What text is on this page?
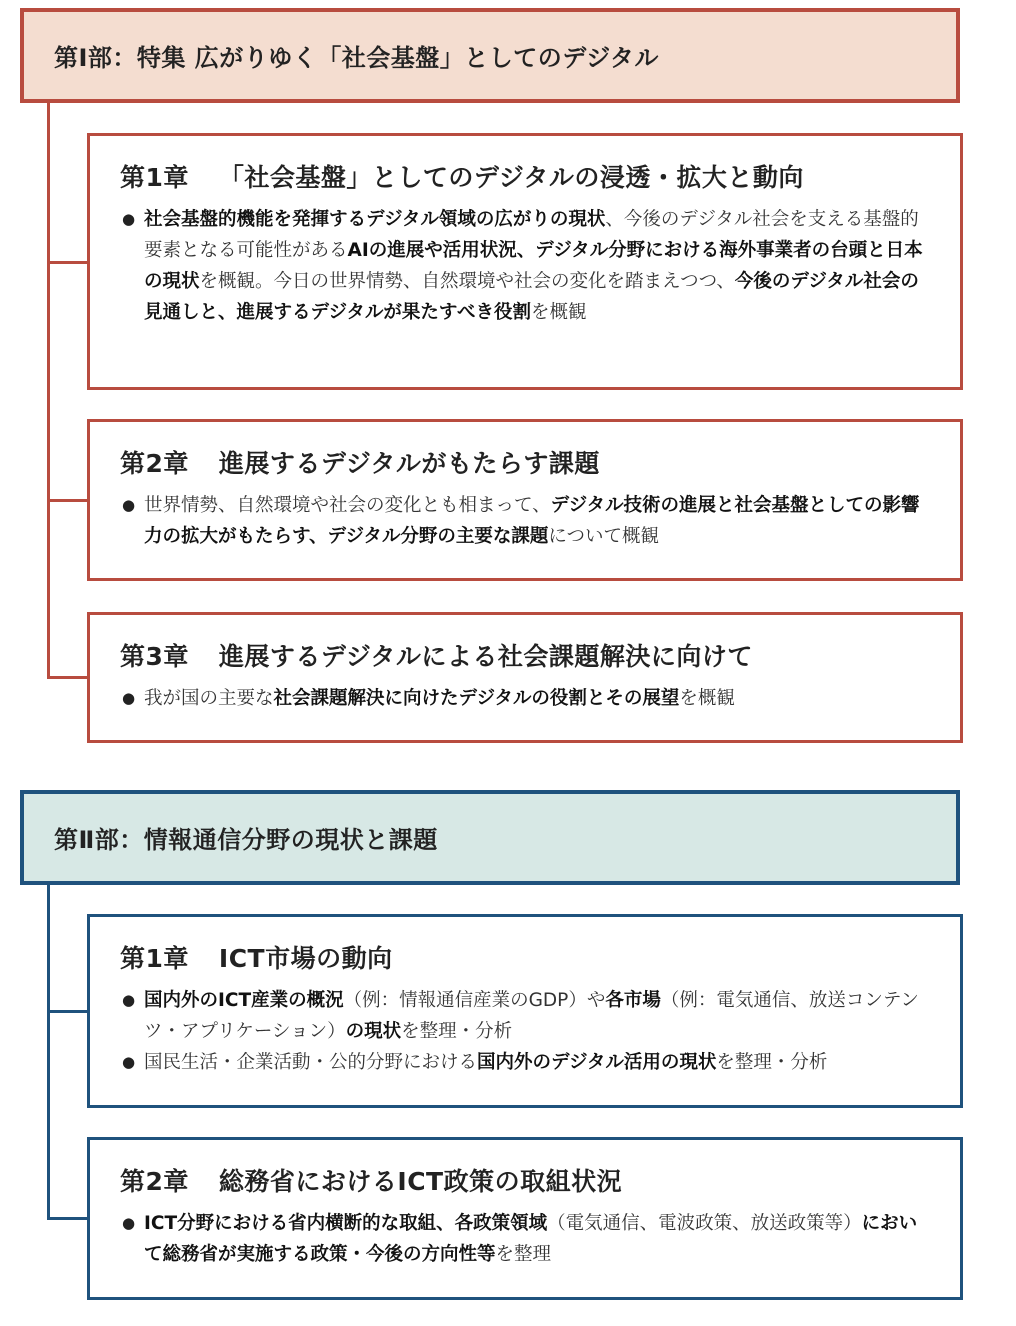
第Ⅰ部：特集 広がりゆく「社会基盤」としてのデジタル
第1章 「社会基盤」としてのデジタルの浸透・拡大と動向
● 社会基盤的機能を発揮するデジタル領域の広がりの現状、今後のデジタル社会を支える基盤的要素となる可能性があるAIの進展や活用状況、デジタル分野における海外事業者の台頭と日本の現状を概観。今日の世界情勢、自然環境や社会の変化を踏まえつつ、今後のデジタル社会の見通しと、進展するデジタルが果たすべき役割を概観
第2章 進展するデジタルがもたらす課題
● 世界情勢、自然環境や社会の変化とも相まって、デジタル技術の進展と社会基盤としての影響力の拡大がもたらす、デジタル分野の主要な課題について概観
第3章 進展するデジタルによる社会課題解決に向けて
● 我が国の主要な社会課題解決に向けたデジタルの役割とその展望を概観
第Ⅱ部：情報通信分野の現状と課題
第1章 ICT市場の動向
● 国内外のICT産業の概況（例：情報通信産業のGDP）や各市場（例：電気通信、放送コンテンツ・アプリケーション）の現状を整理・分析
● 国民生活・企業活動・公的分野における国内外のデジタル活用の現状を整理・分析
第2章 総務省におけるICT政策の取組状況
● ICT分野における省内横断的な取組、各政策領域（電気通信、電波政策、放送政策等）において総務省が実施する政策・今後の方向性等を整理
